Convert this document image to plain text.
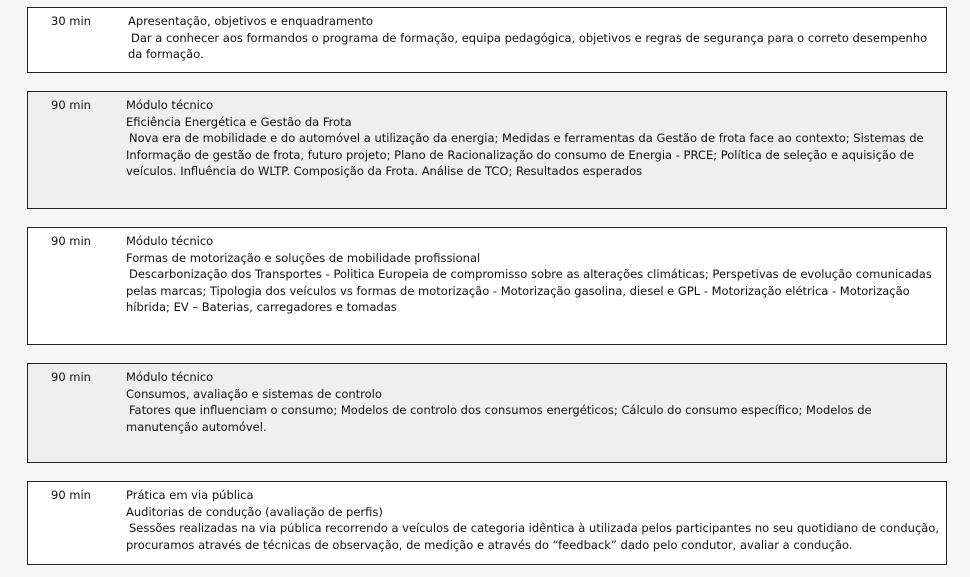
30 min	Apresentação, objetivos e enquadramento
Dar a conhecer aos formandos o programa de formação, equipa pedagógica, objetivos e regras de segurança para o correto desempenho da formação.
90 min	Módulo técnico
Eficiência Energética e Gestão da Frota
Nova era de mobilidade e do automóvel a utilização da energia; Medidas e ferramentas da Gestão de frota face ao contexto; Sistemas de Informação de gestão de frota, futuro projeto; Plano de Racionalização do consumo de Energia - PRCE; Política de seleção e aquisição de veículos. Influência do WLTP. Composição da Frota. Análise de TCO; Resultados esperados
90 min	Módulo técnico
Formas de motorização e soluções de mobilidade profissional
Descarbonização dos Transportes - Politica Europeia de compromisso sobre as alterações climáticas; Perspetivas de evolução comunicadas pelas marcas; Tipologia dos veículos vs formas de motorização - Motorização gasolina, diesel e GPL - Motorização elétrica - Motorização híbrida; EV – Baterias, carregadores e tomadas
90 min	Módulo técnico
Consumos, avaliação e sistemas de controlo
Fatores que influenciam o consumo; Modelos de controlo dos consumos energéticos; Cálculo do consumo específico; Modelos de manutenção automóvel.
90 min	Prática em via pública
Auditorias de condução (avaliação de perfis)
Sessões realizadas na via pública recorrendo a veículos de categoria idêntica à utilizada pelos participantes no seu quotidiano de condução, procuramos através de técnicas de observação, de medição e através do “feedback” dado pelo condutor, avaliar a condução.
